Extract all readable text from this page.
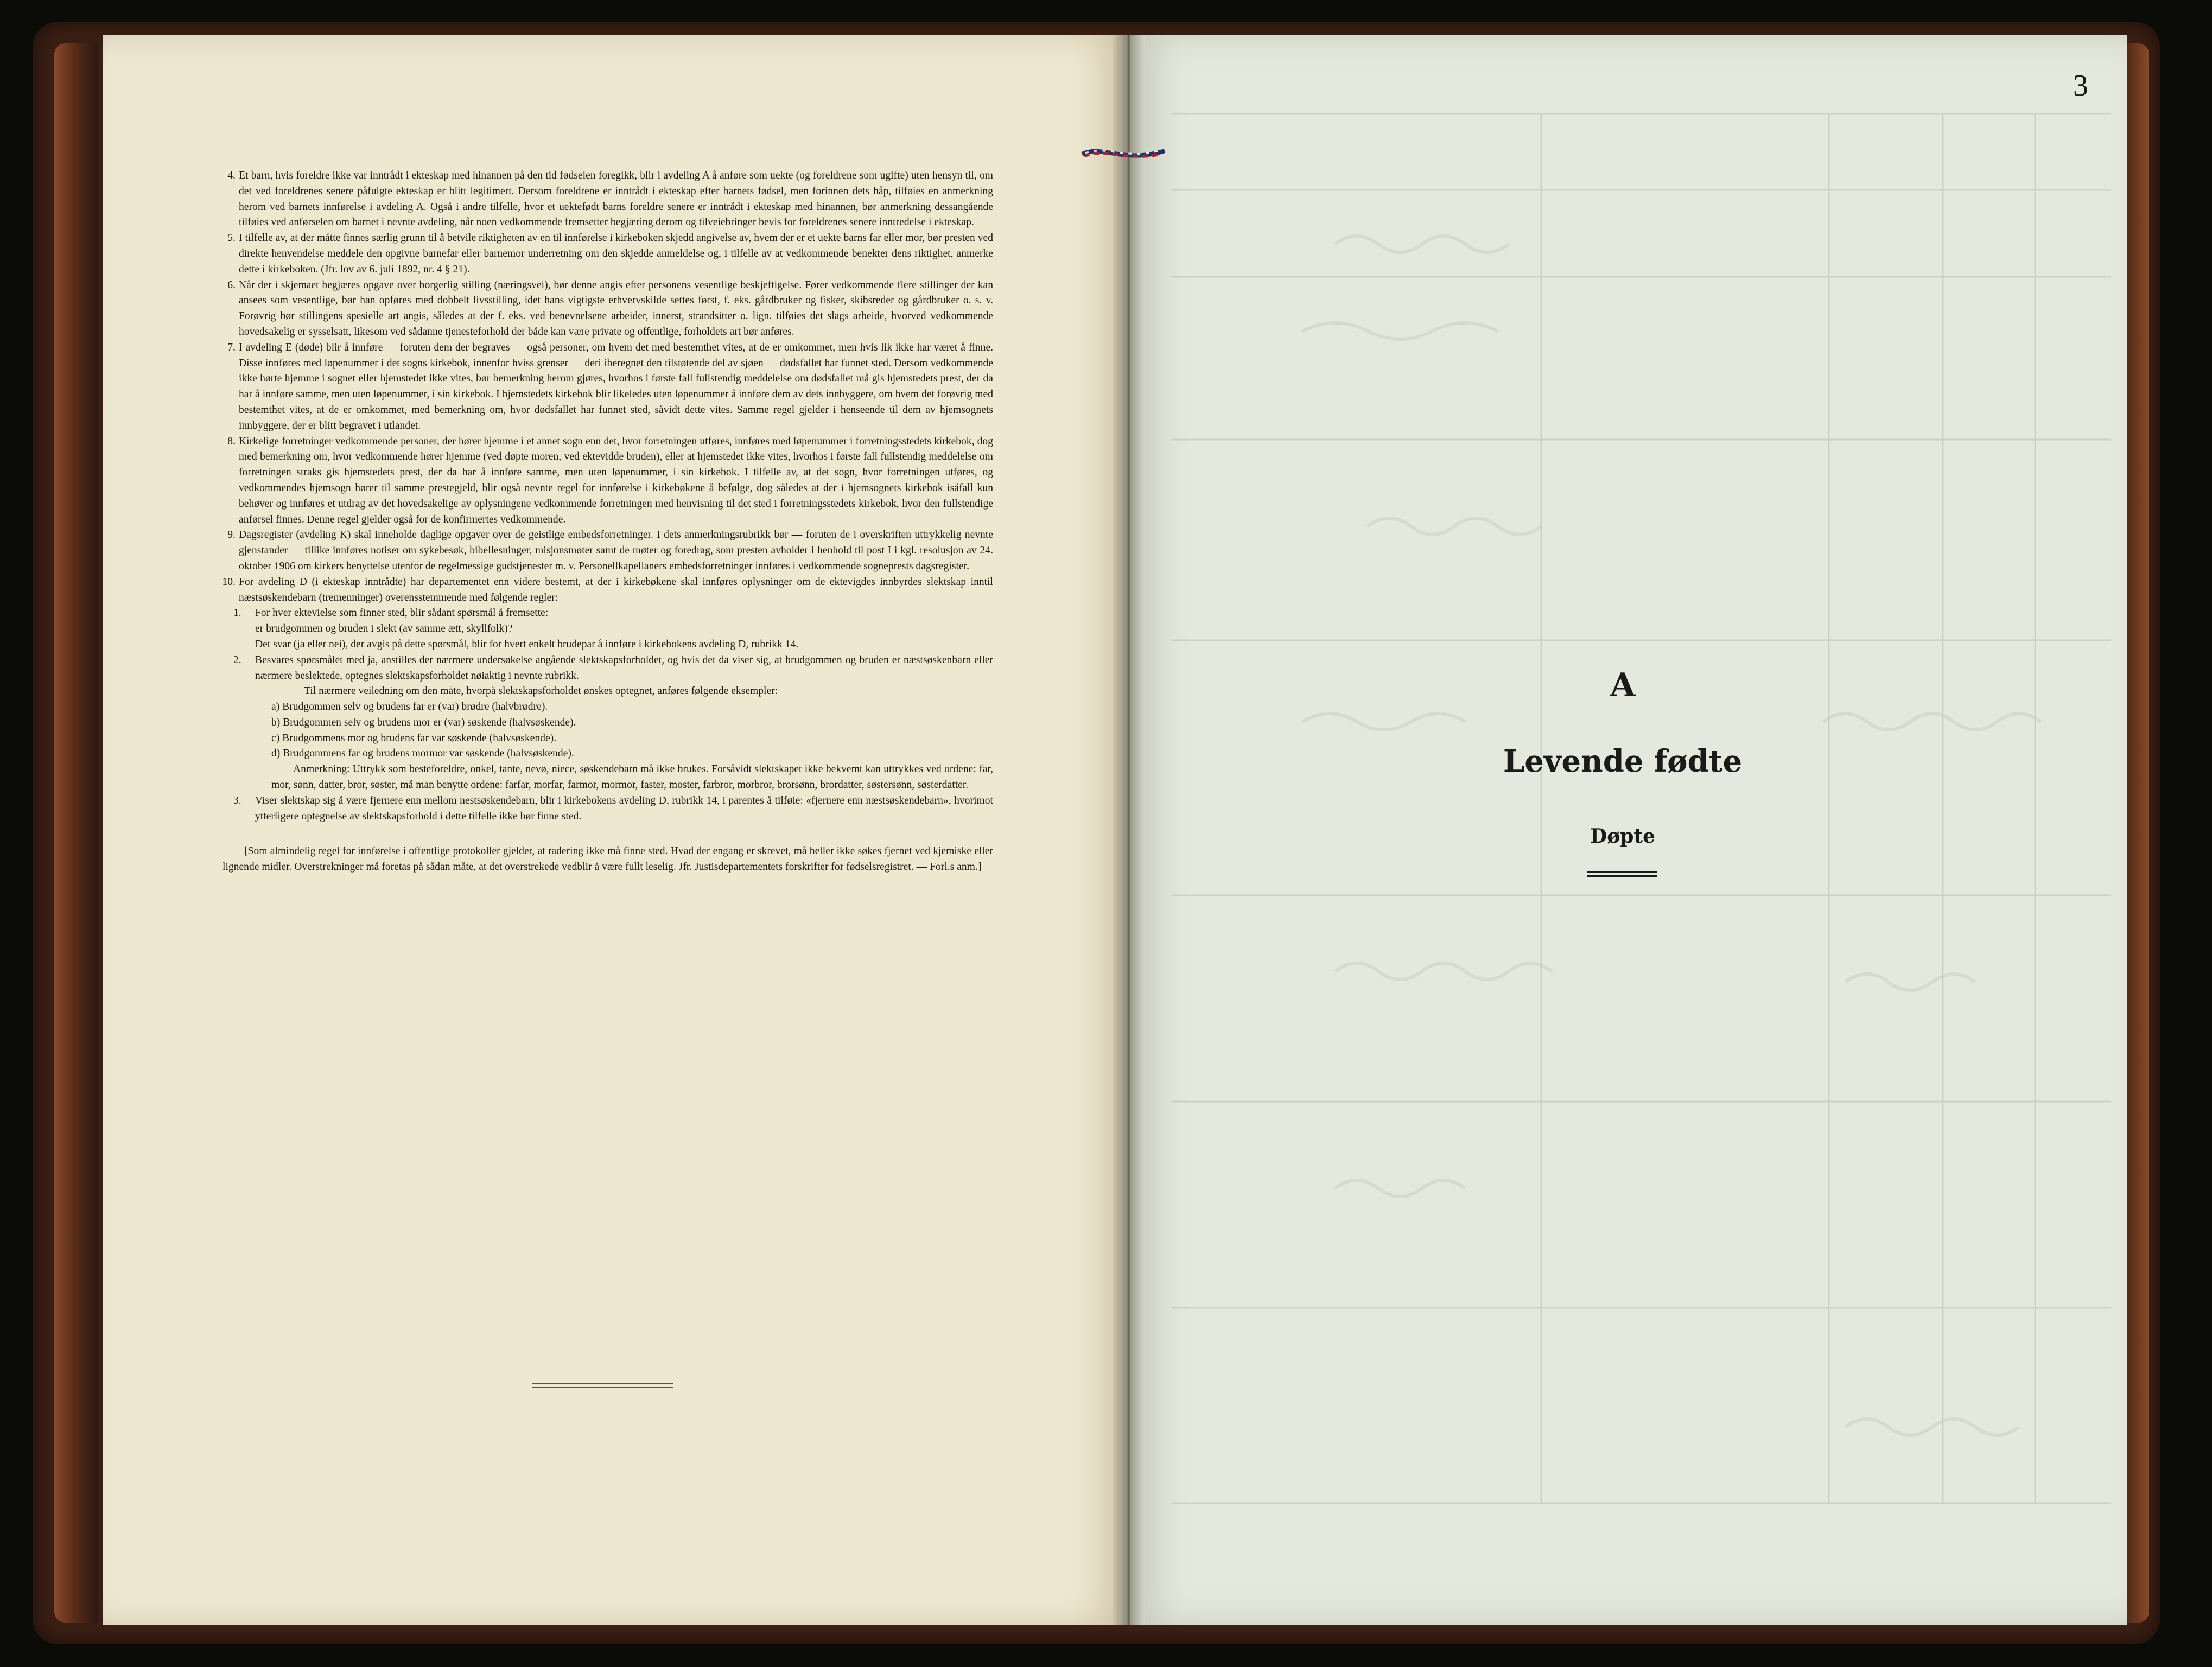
3
A
Levende fødte
Døpte
4. Et barn, hvis foreldre ikke var inntrådt i ekteskap med hinannen på den tid fødselen foregikk, blir i avdeling A å anføre som uekte (og foreldrene som ugifte) uten hensyn til, om det ved foreldrenes senere påfulgte ekteskap er blitt legitimert. Dersom foreldrene er inntrådt i ekteskap efter barnets fødsel, men forinnen dets håp, tilføies en anmerkning herom ved barnets innførelse i avdeling A. Også i andre tilfelle, hvor et uektefødt barns foreldre senere er inntrådt i ekteskap med hinannen, bør anmerkning dessangående tilføies ved anførselen om barnet i nevnte avdeling, når noen vedkommende fremsetter begjæring derom og tilveiebringer bevis for foreldrenes senere inntredelse i ekteskap.
5. I tilfelle av, at der måtte finnes særlig grunn til å betvile riktigheten av en til innførelse i kirkeboken skjedd angivelse av, hvem der er et uekte barns far eller mor, bør presten ved direkte henvendelse meddele den opgivne barnefar eller barnemor underretning om den skjedde anmeldelse og, i tilfelle av at vedkommende benekter dens riktighet, anmerke dette i kirkeboken. (Jfr. lov av 6. juli 1892, nr. 4 § 21).
6. Når der i skjemaet begjæres opgave over borgerlig stilling (næringsvei), bør denne angis efter personens vesentlige beskjeftigelse. Fører vedkommende flere stillinger der kan ansees som vesentlige, bør han opføres med dobbelt livsstilling, idet hans vigtigste erhvervskilde settes først, f. eks. gårdbruker og fisker, skibsreder og gårdbruker o. s. v. Forøvrig bør stillingens spesielle art angis, således at der f. eks. ved benevnelsene arbeider, innerst, strandsitter o. lign. tilføies det slags arbeide, hvorved vedkommende hovedsakelig er sysselsatt, likesom ved sådanne tjenesteforhold der både kan være private og offentlige, forholdets art bør anføres.
7. I avdeling E (døde) blir å innføre — foruten dem der begraves — også personer, om hvem det med bestemthet vites, at de er omkommet, men hvis lik ikke har været å finne. Disse innføres med løpenummer i det sogns kirkebok, innenfor hviss grenser — deri iberegnet den tilstøtende del av sjøen — dødsfallet har funnet sted. Dersom vedkommende ikke hørte hjemme i sognet eller hjemstedet ikke vites, bør bemerkning herom gjøres, hvorhos i første fall fullstendig meddelelse om dødsfallet må gis hjemstedets prest, der da har å innføre samme, men uten løpenummer, i sin kirkebok. I hjemstedets kirkebok blir likeledes uten løpenummer å innføre dem av dets innbyggere, om hvem det forøvrig med bestemthet vites, at de er omkommet, med bemerkning om, hvor dødsfallet har funnet sted, såvidt dette vites. Samme regel gjelder i henseende til dem av hjemsognets innbyggere, der er blitt begravet i utlandet.
8. Kirkelige forretninger vedkommende personer, der hører hjemme i et annet sogn enn det, hvor forretningen utføres, innføres med løpenummer i forretningsstedets kirkebok, dog med bemerkning om, hvor vedkommende hører hjemme (ved døpte moren, ved ektevidde bruden), eller at hjemstedet ikke vites, hvorhos i første fall fullstendig meddelelse om forretningen straks gis hjemstedets prest, der da har å innføre samme, men uten løpenummer, i sin kirkebok. I tilfelle av, at det sogn, hvor forretningen utføres, og vedkommendes hjemsogn hører til samme prestegjeld, blir også nevnte regel for innførelse i kirkebøkene å befølge, dog således at der i hjemsognets kirkebok isåfall kun behøver og innføres et utdrag av det hovedsakelige av oplysningene vedkommende forretningen med henvisning til det sted i forretningsstedets kirkebok, hvor den fullstendige anførsel finnes. Denne regel gjelder også for de konfirmertes vedkommende.
9. Dagsregister (avdeling K) skal inneholde daglige opgaver over de geistlige embedsforretninger. I dets anmerkningsrubrikk bør — foruten de i overskriften uttrykkelig nevnte gjenstander — tillike innføres notiser om sykebesøk, bibellesninger, misjonsmøter samt de møter og foredrag, som presten avholder i henhold til post I i kgl. resolusjon av 24. oktober 1906 om kirkers benyttelse utenfor de regelmessige gudstjenester m. v. Personellkapellaners embedsforretninger innføres i vedkommende sogneprests dagsregister.
10. For avdeling D (i ekteskap inntrådte) har departementet enn videre bestemt, at der i kirkebøkene skal innføres oplysninger om de ektevigdes innbyrdes slektskap inntil næstsøskendebarn (tremenninger) overensstemmende med følgende regler:
1. For hver ektevielse som finner sted, blir sådant spørsmål å fremsette:
er brudgommen og bruden i slekt (av samme ætt, skyllfolk)?
Det svar (ja eller nei), der avgis på dette spørsmål, blir for hvert enkelt brudepar å innføre i kirkebokens avdeling D, rubrikk 14.
2. Besvares spørsmålet med ja, anstilles der nærmere undersøkelse angående slektskapsforholdet, og hvis det da viser sig, at brudgommen og bruden er næstsøskenbarn eller nærmere beslektede, optegnes slektskapsforholdet nøiaktig i nevnte rubrikk.
Til nærmere veiledning om den måte, hvorpå slektskapsforholdet ønskes optegnet, anføres følgende eksempler:
a) Brudgommen selv og brudens far er (var) brødre (halvbrødre).
b) Brudgommen selv og brudens mor er (var) søskende (halvsøskende).
c) Brudgommens mor og brudens far var søskende (halvsøskende).
d) Brudgommens far og brudens mormor var søskende (halvsøskende).
Anmerkning: Uttrykk som besteforeldre, onkel, tante, nevø, niece, søskendebarn må ikke brukes. Forsåvidt slektskapet ikke bekvemt kan uttrykkes ved ordene: far, mor, sønn, datter, bror, søster, må man benytte ordene: farfar, morfar, farmor, mormor, faster, moster, farbror, morbror, brorsønn, brordatter, søstersønn, søsterdatter.
3. Viser slektskap sig å være fjernere enn mellom nestsøskendebarn, blir i kirkebokens avdeling D, rubrikk 14, i parentes å tilføie: «fjernere enn næstsøskendebarn», hvorimot ytterligere optegnelse av slektskapsforhold i dette tilfelle ikke bør finne sted.
[Som almindelig regel for innførelse i offentlige protokoller gjelder, at radering ikke må finne sted. Hvad der engang er skrevet, må heller ikke søkes fjernet ved kjemiske eller lignende midler. Overstrekninger må foretas på sådan måte, at det overstrekede vedblir å være fullt leselig. Jfr. Justisdepartementets forskrifter for fødselsregistret. — Forl.s anm.]
